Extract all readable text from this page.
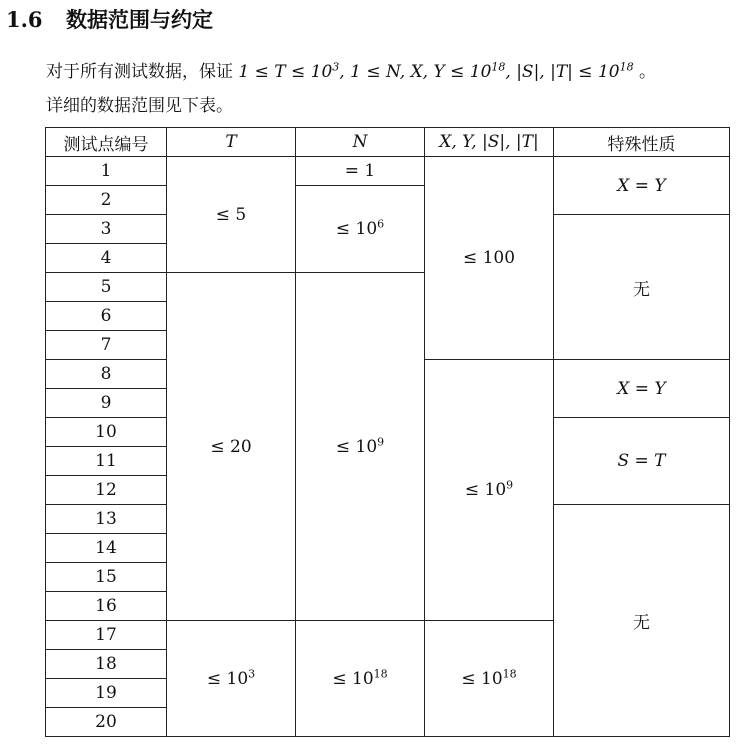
1.6 数据范围与约定
对于所有测试数据，保证 $1 \le T \le 10^3$, 1 ≤ N, X, $Y \le 10^{18}$, |S|, $|T| \le 10^{18}$ 。
详细的数据范围见下表。
测试点编号	T	N	X, Y, |S|, |T|	特殊性质
1	≤ 5	= 1	≤ 100	X = Y
2		≤ $10^6$
3				无
4				
5	≤ 20	≤ $10^9$
6				
7				
8			≤ $10^9$	X = Y
9				
10				S = T
11				
12				
13				无
14				
15				
16				
17	≤ $10^3$	≤ $10^{18}$	≤ $10^{18}$
18				
19				
20				
